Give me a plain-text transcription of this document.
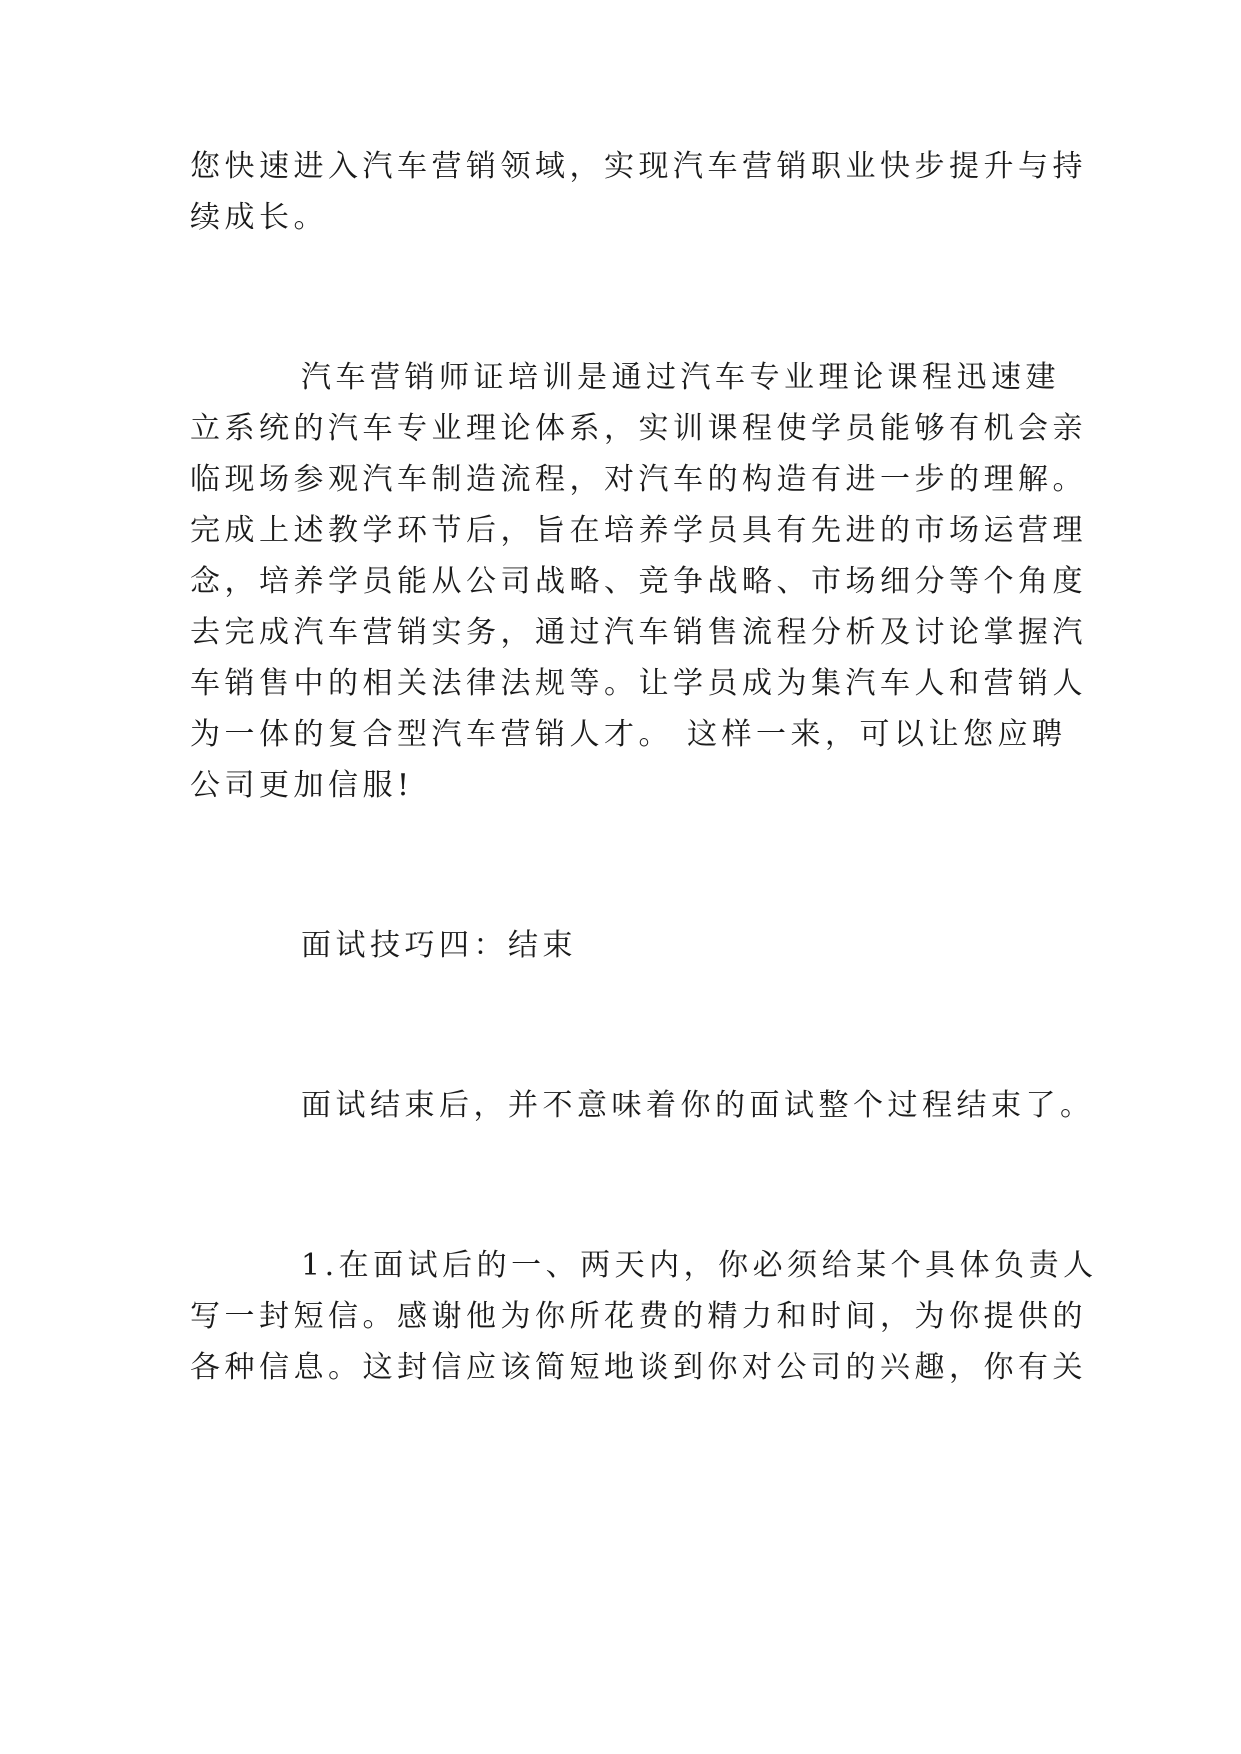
您快速进入汽车营销领域，实现汽车营销职业快步提升与持
续成长。
汽车营销师证培训是通过汽车专业理论课程迅速建
立系统的汽车专业理论体系，实训课程使学员能够有机会亲
临现场参观汽车制造流程，对汽车的构造有进一步的理解。
完成上述教学环节后，旨在培养学员具有先进的市场运营理
念，培养学员能从公司战略、竞争战略、市场细分等个角度
去完成汽车营销实务，通过汽车销售流程分析及讨论掌握汽
车销售中的相关法律法规等。让学员成为集汽车人和营销人
为一体的复合型汽车营销人才。 这样一来，可以让您应聘
公司更加信服!
面试技巧四：结束
面试结束后，并不意味着你的面试整个过程结束了。
1.在面试后的一、两天内，你必须给某个具体负责人
写一封短信。感谢他为你所花费的精力和时间，为你提供的
各种信息。这封信应该简短地谈到你对公司的兴趣，你有关
